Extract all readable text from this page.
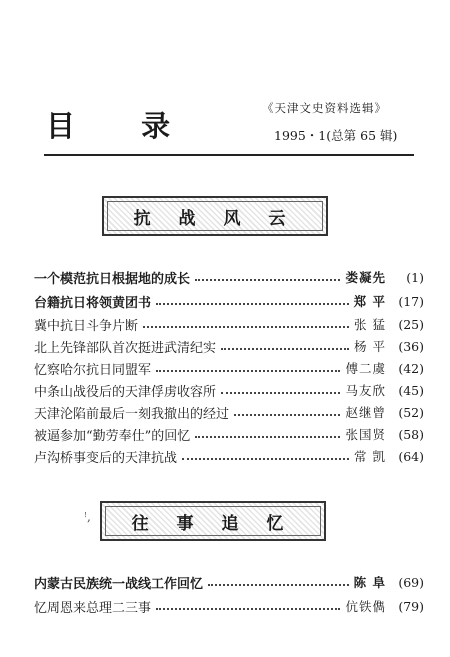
目 录
《天津文史资料选辑》
1995・1(总第 65 辑)
抗 战 风 云
一个模范抗日根据地的成长	娄凝先	(1)
台籍抗日将领黄团书	郑 平 (17)
冀中抗日斗争片断	张 猛 (25)
北上先锋部队首次挺进武清纪实	杨 平 (36)
忆察哈尔抗日同盟军	傅二虞 (42)
中条山战役后的天津俘虏收容所	马友欣 (45)
天津沦陷前最后一刻我撤出的经过	赵继曾 (52)
被逼参加“勤劳奉仕”的回忆	张国贤 (58)
卢沟桥事变后的天津抗战	常 凯 (64)
ꜝ,	往 事 追 忆
内蒙古民族统一战线工作回忆	陈 阜 (69)
忆周恩来总理二三事	伉铁儁 (79)
